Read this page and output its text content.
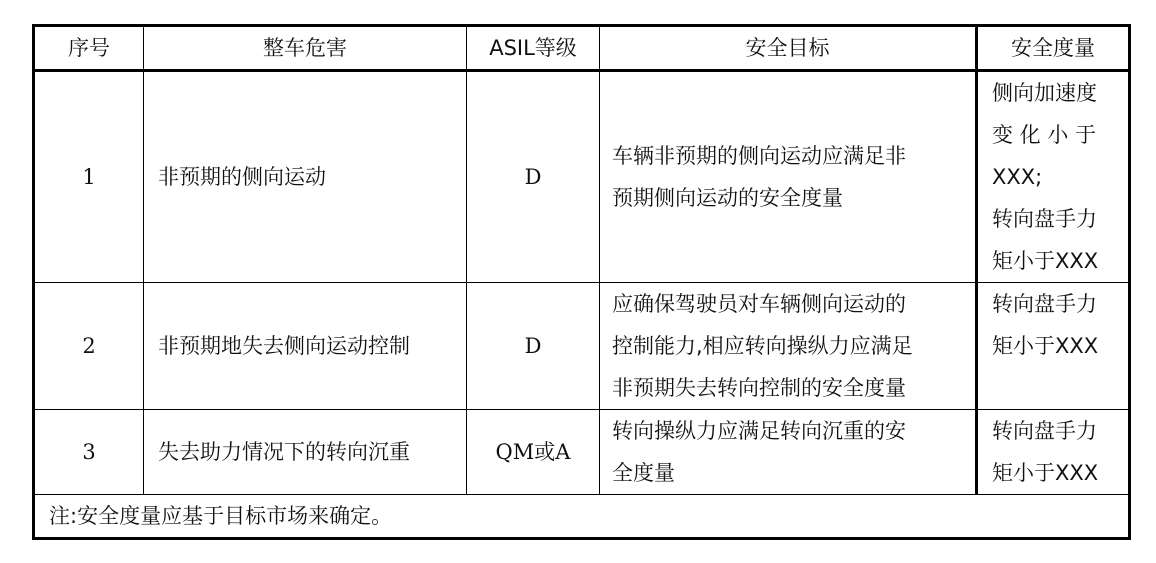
序号	整车危害	ASIL等级	安全目标	安全度量
1	非预期的侧向运动	D	车辆非预期的侧向运动应满足非
预期侧向运动的安全度量	侧向加速度
变 化 小 于
XXX;
转向盘手力
矩小于XXX

2	非预期地失去侧向运动控制	D	应确保驾驶员对车辆侧向运动的
控制能力,相应转向操纵力应满足
非预期失去转向控制的安全度量	转向盘手力
矩小于XXX

3	失去助力情况下的转向沉重	QM或A	转向操纵力应满足转向沉重的安
全度量	转向盘手力
矩小于XXX

注:安全度量应基于目标市场来确定。				
